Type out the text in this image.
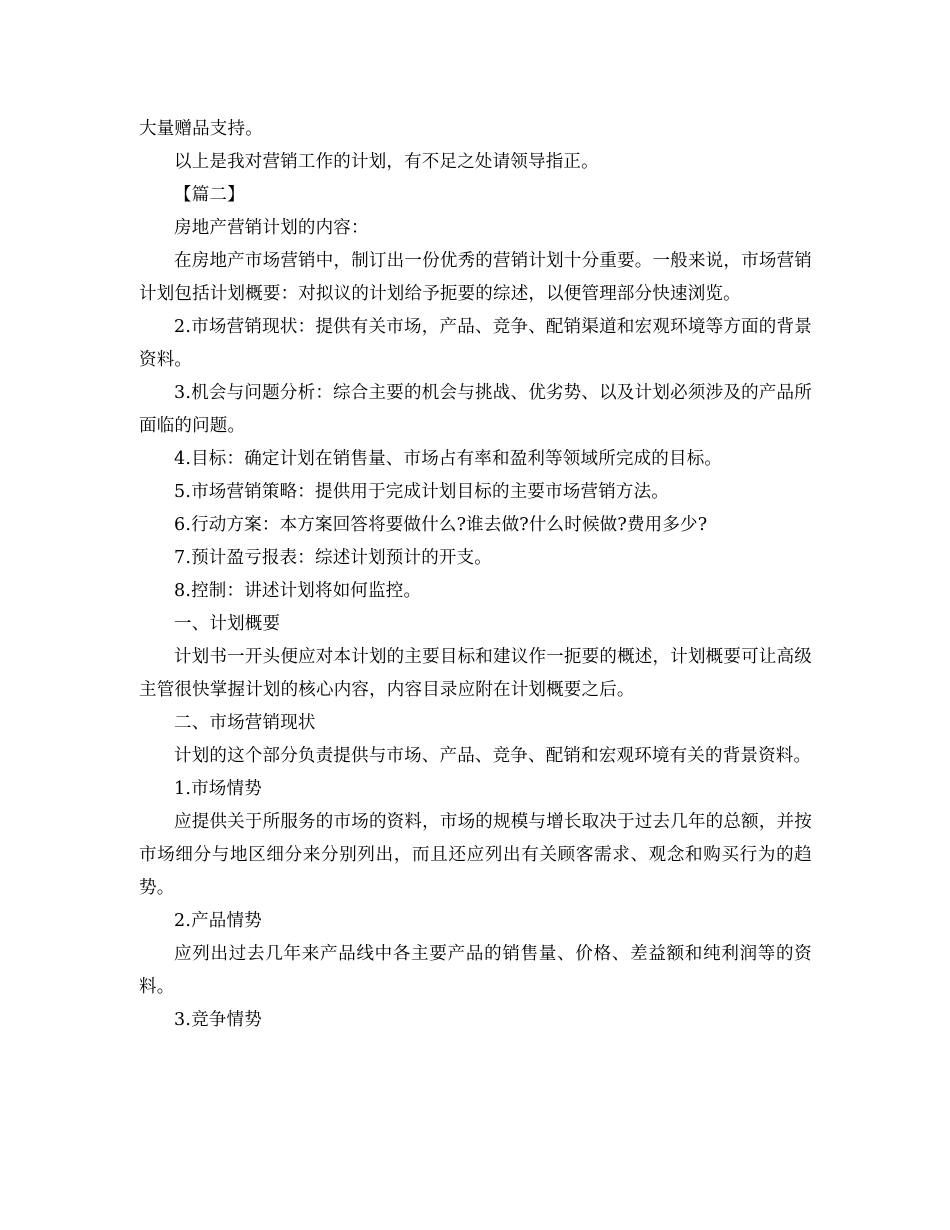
大量赠品支持。

以上是我对营销工作的计划，有不足之处请领导指正。

【篇二】

房地产营销计划的内容：

在房地产市场营销中，制订出一份优秀的营销计划十分重要。一般来说，市场营销计划包括计划概要：对拟议的计划给予扼要的综述，以便管理部分快速浏览。

2.市场营销现状：提供有关市场，产品、竞争、配销渠道和宏观环境等方面的背景资料。

3.机会与问题分析：综合主要的机会与挑战、优劣势、以及计划必须涉及的产品所面临的问题。

4.目标：确定计划在销售量、市场占有率和盈利等领域所完成的目标。

5.市场营销策略：提供用于完成计划目标的主要市场营销方法。

6.行动方案：本方案回答将要做什么?谁去做?什么时候做?费用多少?

7.预计盈亏报表：综述计划预计的开支。

8.控制：讲述计划将如何监控。

一、计划概要

计划书一开头便应对本计划的主要目标和建议作一扼要的概述，计划概要可让高级主管很快掌握计划的核心内容，内容目录应附在计划概要之后。

二、市场营销现状

计划的这个部分负责提供与市场、产品、竞争、配销和宏观环境有关的背景资料。

1.市场情势

应提供关于所服务的市场的资料，市场的规模与增长取决于过去几年的总额，并按市场细分与地区细分来分别列出，而且还应列出有关顾客需求、观念和购买行为的趋势。

2.产品情势

应列出过去几年来产品线中各主要产品的销售量、价格、差益额和纯利润等的资料。

3.竞争情势
